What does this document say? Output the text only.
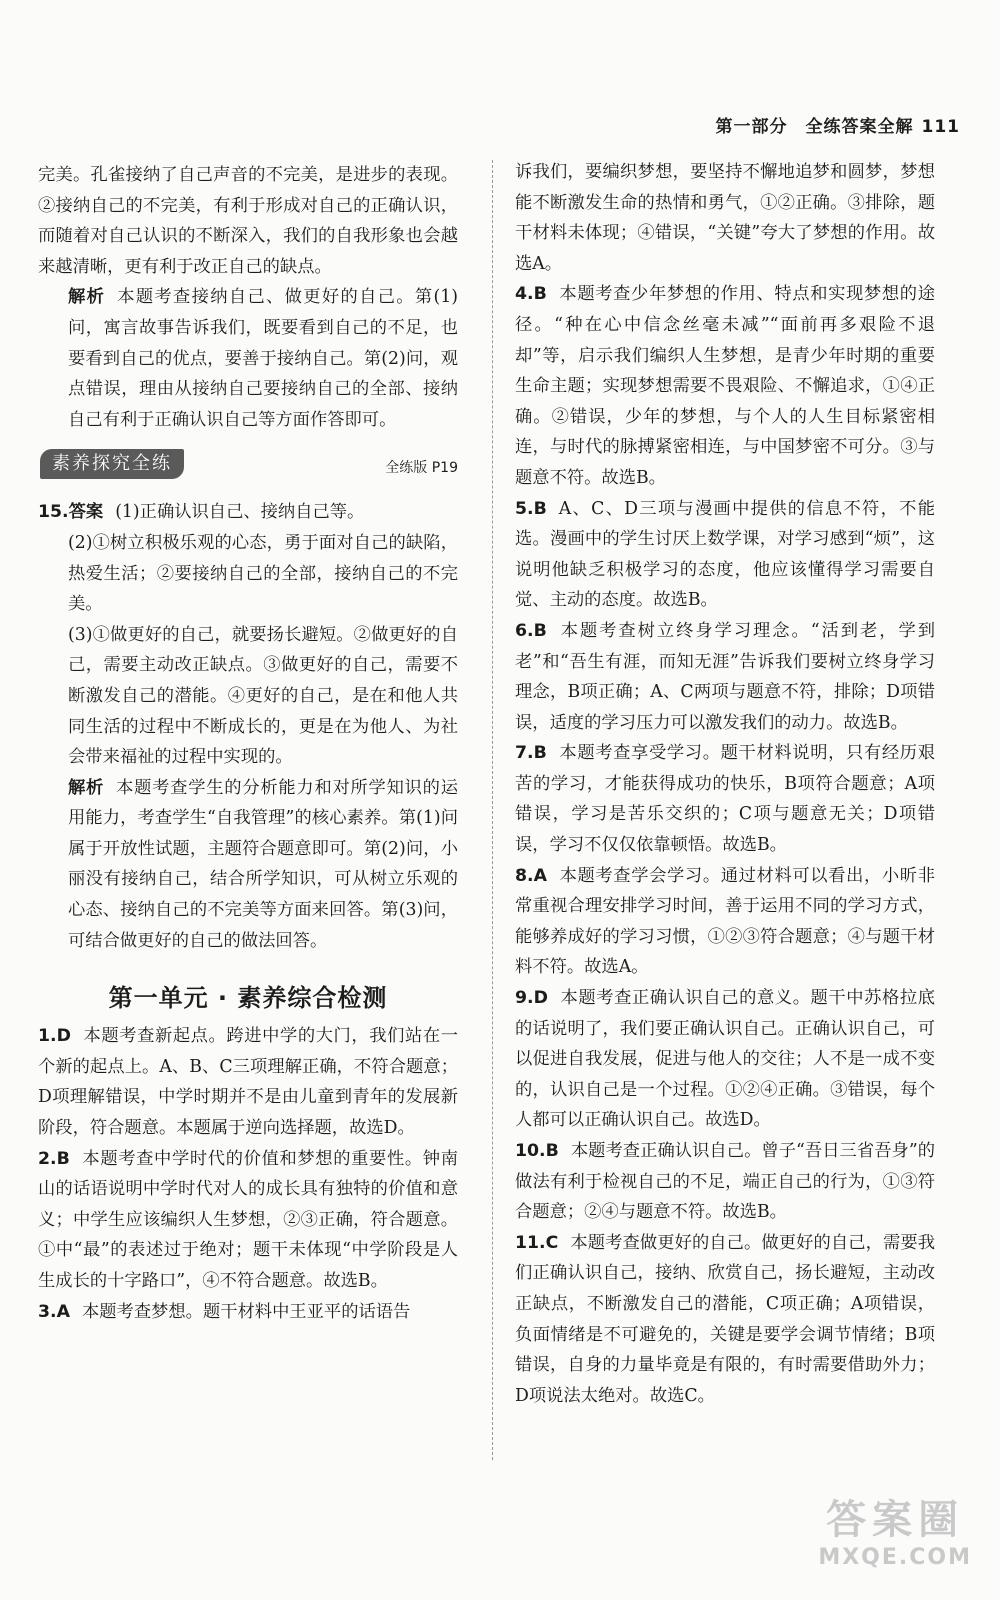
第一部分　全练答案全解 111

完美。孔雀接纳了自己声音的不完美，是进步的表现。②接纳自己的不完美，有利于形成对自己的正确认识，而随着对自己认识的不断深入，我们的自我形象也会越来越清晰，更有利于改正自己的缺点。

解析 本题考查接纳自己、做更好的自己。第(1)问，寓言故事告诉我们，既要看到自己的不足，也要看到自己的优点，要善于接纳自己。第(2)问，观点错误，理由从接纳自己要接纳自己的全部、接纳自己有利于正确认识自己等方面作答即可。

素养探究全练	全练版 P19

15.答案 (1)正确认识自己、接纳自己等。

(2)①树立积极乐观的心态，勇于面对自己的缺陷，热爱生活；②要接纳自己的全部，接纳自己的不完美。

(3)①做更好的自己，就要扬长避短。②做更好的自己，需要主动改正缺点。③做更好的自己，需要不断激发自己的潜能。④更好的自己，是在和他人共同生活的过程中不断成长的，更是在为他人、为社会带来福祉的过程中实现的。

解析 本题考查学生的分析能力和对所学知识的运用能力，考查学生“自我管理”的核心素养。第(1)问属于开放性试题，主题符合题意即可。第(2)问，小丽没有接纳自己，结合所学知识，可从树立乐观的心态、接纳自己的不完美等方面来回答。第(3)问，可结合做更好的自己的做法回答。

第一单元 · 素养综合检测

1.D 本题考查新起点。跨进中学的大门，我们站在一个新的起点上。A、B、C三项理解正确，不符合题意；D项理解错误，中学时期并不是由儿童到青年的发展新阶段，符合题意。本题属于逆向选择题，故选D。

2.B 本题考查中学时代的价值和梦想的重要性。钟南山的话语说明中学时代对人的成长具有独特的价值和意义；中学生应该编织人生梦想，②③正确，符合题意。①中“最”的表述过于绝对；题干未体现“中学阶段是人生成长的十字路口”，④不符合题意。故选B。

3.A 本题考查梦想。题干材料中王亚平的话语告

诉我们，要编织梦想，要坚持不懈地追梦和圆梦，梦想能不断激发生命的热情和勇气，①②正确。③排除，题干材料未体现；④错误，“关键”夸大了梦想的作用。故选A。

4.B 本题考查少年梦想的作用、特点和实现梦想的途径。“种在心中信念丝毫未减”“面前再多艰险不退却”等，启示我们编织人生梦想，是青少年时期的重要生命主题；实现梦想需要不畏艰险、不懈追求，①④正确。②错误，少年的梦想，与个人的人生目标紧密相连，与时代的脉搏紧密相连，与中国梦密不可分。③与题意不符。故选B。

5.B A、C、D三项与漫画中提供的信息不符，不能选。漫画中的学生讨厌上数学课，对学习感到“烦”，这说明他缺乏积极学习的态度，他应该懂得学习需要自觉、主动的态度。故选B。

6.B 本题考查树立终身学习理念。“活到老，学到老”和“吾生有涯，而知无涯”告诉我们要树立终身学习理念，B项正确；A、C两项与题意不符，排除；D项错误，适度的学习压力可以激发我们的动力。故选B。

7.B 本题考查享受学习。题干材料说明，只有经历艰苦的学习，才能获得成功的快乐，B项符合题意；A项错误，学习是苦乐交织的；C项与题意无关；D项错误，学习不仅仅依靠顿悟。故选B。

8.A 本题考查学会学习。通过材料可以看出，小昕非常重视合理安排学习时间，善于运用不同的学习方式，能够养成好的学习习惯，①②③符合题意；④与题干材料不符。故选A。

9.D 本题考查正确认识自己的意义。题干中苏格拉底的话说明了，我们要正确认识自己。正确认识自己，可以促进自我发展，促进与他人的交往；人不是一成不变的，认识自己是一个过程。①②④正确。③错误，每个人都可以正确认识自己。故选D。

10.B 本题考查正确认识自己。曾子“吾日三省吾身”的做法有利于检视自己的不足，端正自己的行为，①③符合题意；②④与题意不符。故选B。

11.C 本题考查做更好的自己。做更好的自己，需要我们正确认识自己，接纳、欣赏自己，扬长避短，主动改正缺点，不断激发自己的潜能，C项正确；A项错误，负面情绪是不可避免的，关键是要学会调节情绪；B项错误，自身的力量毕竟是有限的，有时需要借助外力；D项说法太绝对。故选C。

答案圈
MXQE.COM
